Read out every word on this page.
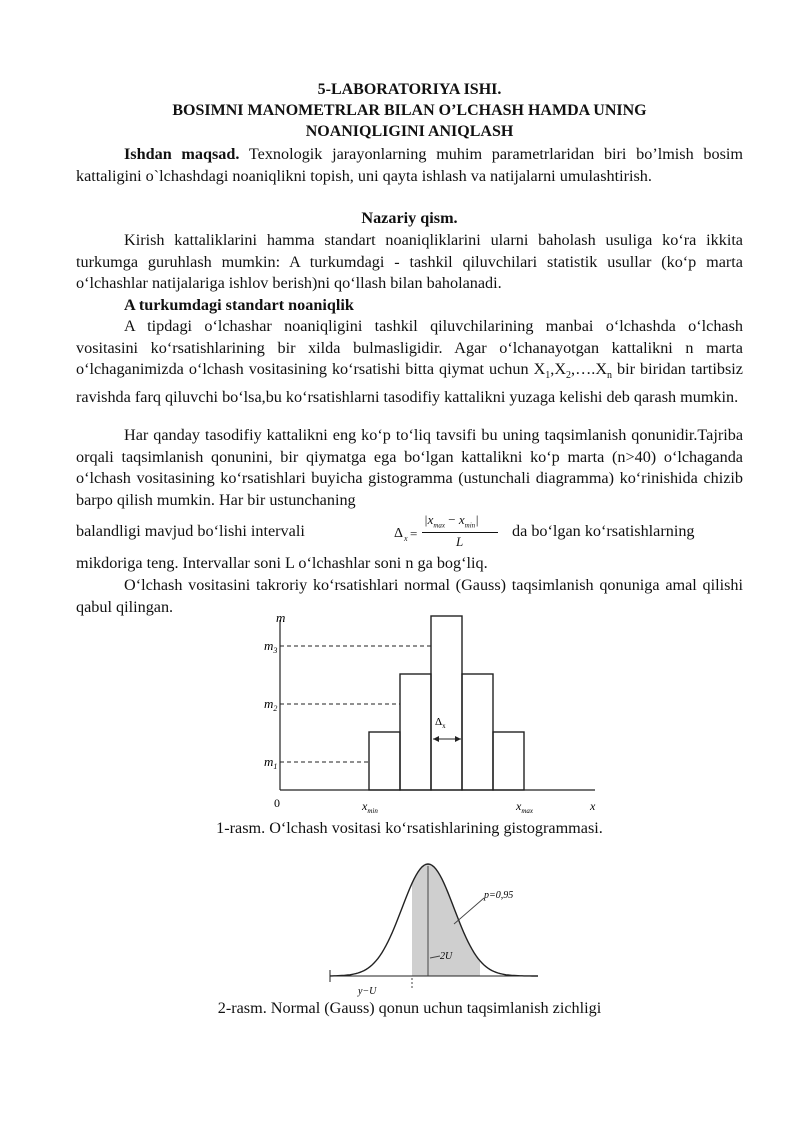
5-LABORATORIYA ISHI.
BOSIMNI MANOMETRLAR BILAN O’LCHASH HAMDA UNING
NOANIQLIGINI ANIQLASH
Ishdan maqsad. Texnologik jarayonlarning muhim parametrlaridan biri bo’lmish bosim kattaligini o`lchashdagi noaniqlikni topish, uni qayta ishlash va natijalarni umulashtirish.
Nazariy qism.
Kirish kattaliklarini hamma standart noaniqliklarini ularni baholash usuliga ko‘ra ikkita turkumga guruhlash mumkin: A turkumdagi - tashkil qiluvchilari statistik usullar (ko‘p marta o‘lchashlar natijalariga ishlov berish)ni qo‘llash bilan baholanadi.
A turkumdagi standart noaniqlik
A tipdagi o‘lchashar noaniqligini tashkil qiluvchilarining manbai o‘lchashda o‘lchash vositasini ko‘rsatishlarining bir xilda bulmasligidir. Agar o‘lchanayotgan kattalikni n marta o‘lchaganimizda o‘lchash vositasining ko‘rsatishi bitta qiymat uchun $X_1,X_2,\dots.X_n$ bir biridan tartibsiz ravishda farq qiluvchi bo‘lsa,bu ko‘rsatishlarni tasodifiy kattalikni yuzaga kelishi deb qarash mumkin.
Har qanday tasodifiy kattalikni eng ko‘p to‘liq tavsifi bu uning taqsimlanish qonunidir.Tajriba orqali taqsimlanish qonunini, bir qiymatga ega bo‘lgan kattalikni ko‘p marta (n>40) o‘lchaganda o‘lchash vositasining ko‘rsatishlari buyicha gistogramma (ustunchali diagramma) ko‘rinishida chizib barpo qilish mumkin. Har bir ustunchaning
balandligi mavjud bo‘lishi intervali	da bo‘lgan ko‘rsatishlarning
Δ x =
$|x_{max} - x_{min}|$
L
mikdoriga teng. Intervallar soni L o‘lchashlar soni n ga bog‘liq.
O‘lchash vositasini takroriy ko‘rsatishlari normal (Gauss) taqsimlanish qonuniga amal qilishi qabul qilingan.
$\Delta_x$
m
$m_3$
$m_2$
$m_1$
0	$x_{min}$	$x_{max}$	x
1-rasm. O‘lchash vositasi ko‘rsatishlarining gistogrammasi.
p=0,95
2U
y−U
2-rasm. Normal (Gauss) qonun uchun taqsimlanish zichligi
